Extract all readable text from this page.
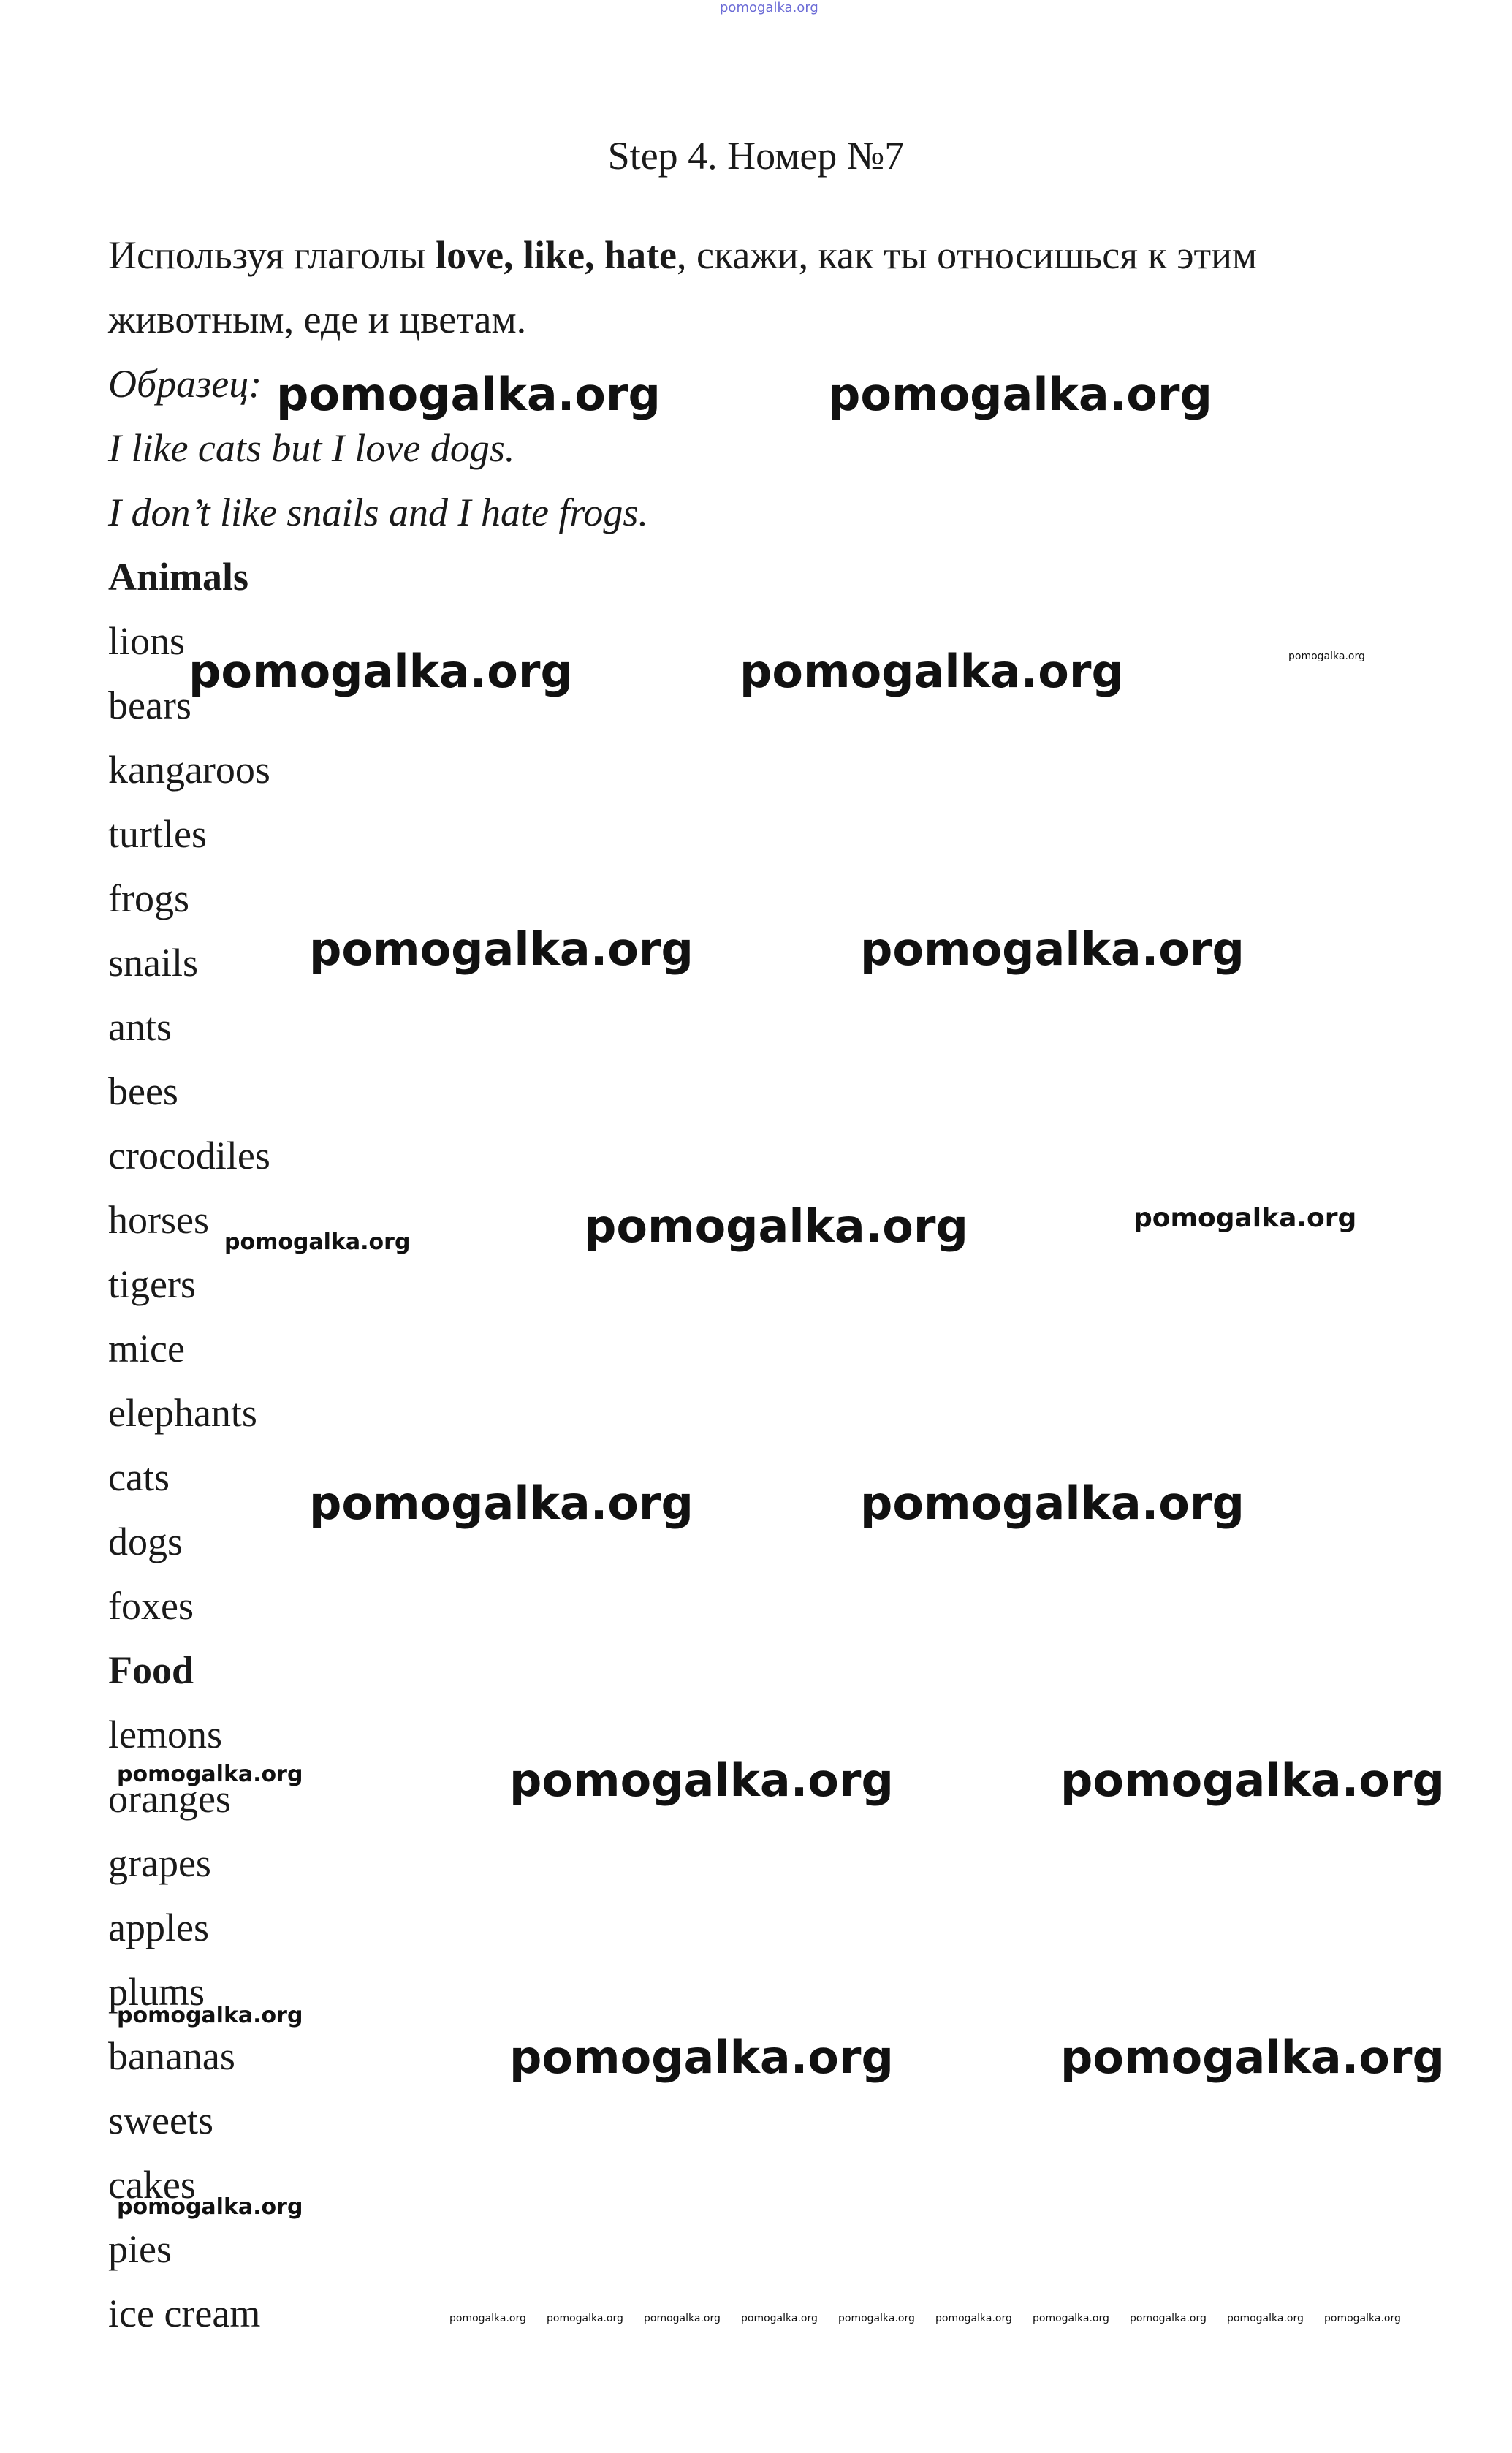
pomogalka.org
Step 4. Номер №7

Используя глаголы love, like, hate, скажи, как ты относишься к этим животным, еде и цветам.

Образец:

I like cats but I love dogs.

I don’t like snails and I hate frogs.

Animals

lions

bears

kangaroos

turtles

frogs

snails

ants

bees

crocodiles

horses

tigers

mice

elephants

cats

dogs

foxes

Food

lemons

oranges

grapes

apples

plums

bananas

sweets

cakes

pies

ice cream

pomogalka.org	pomogalka.org
pomogalka.org	pomogalka.org	pomogalka.org
pomogalka.org	pomogalka.org
pomogalka.org	pomogalka.org	pomogalka.org
pomogalka.org	pomogalka.org
pomogalka.org	pomogalka.org	pomogalka.org
pomogalka.org
pomogalka.org	pomogalka.org
pomogalka.org
pomogalka.org pomogalka.org pomogalka.org pomogalka.org pomogalka.org pomogalka.org pomogalka.org pomogalka.org pomogalka.org pomogalka.org
